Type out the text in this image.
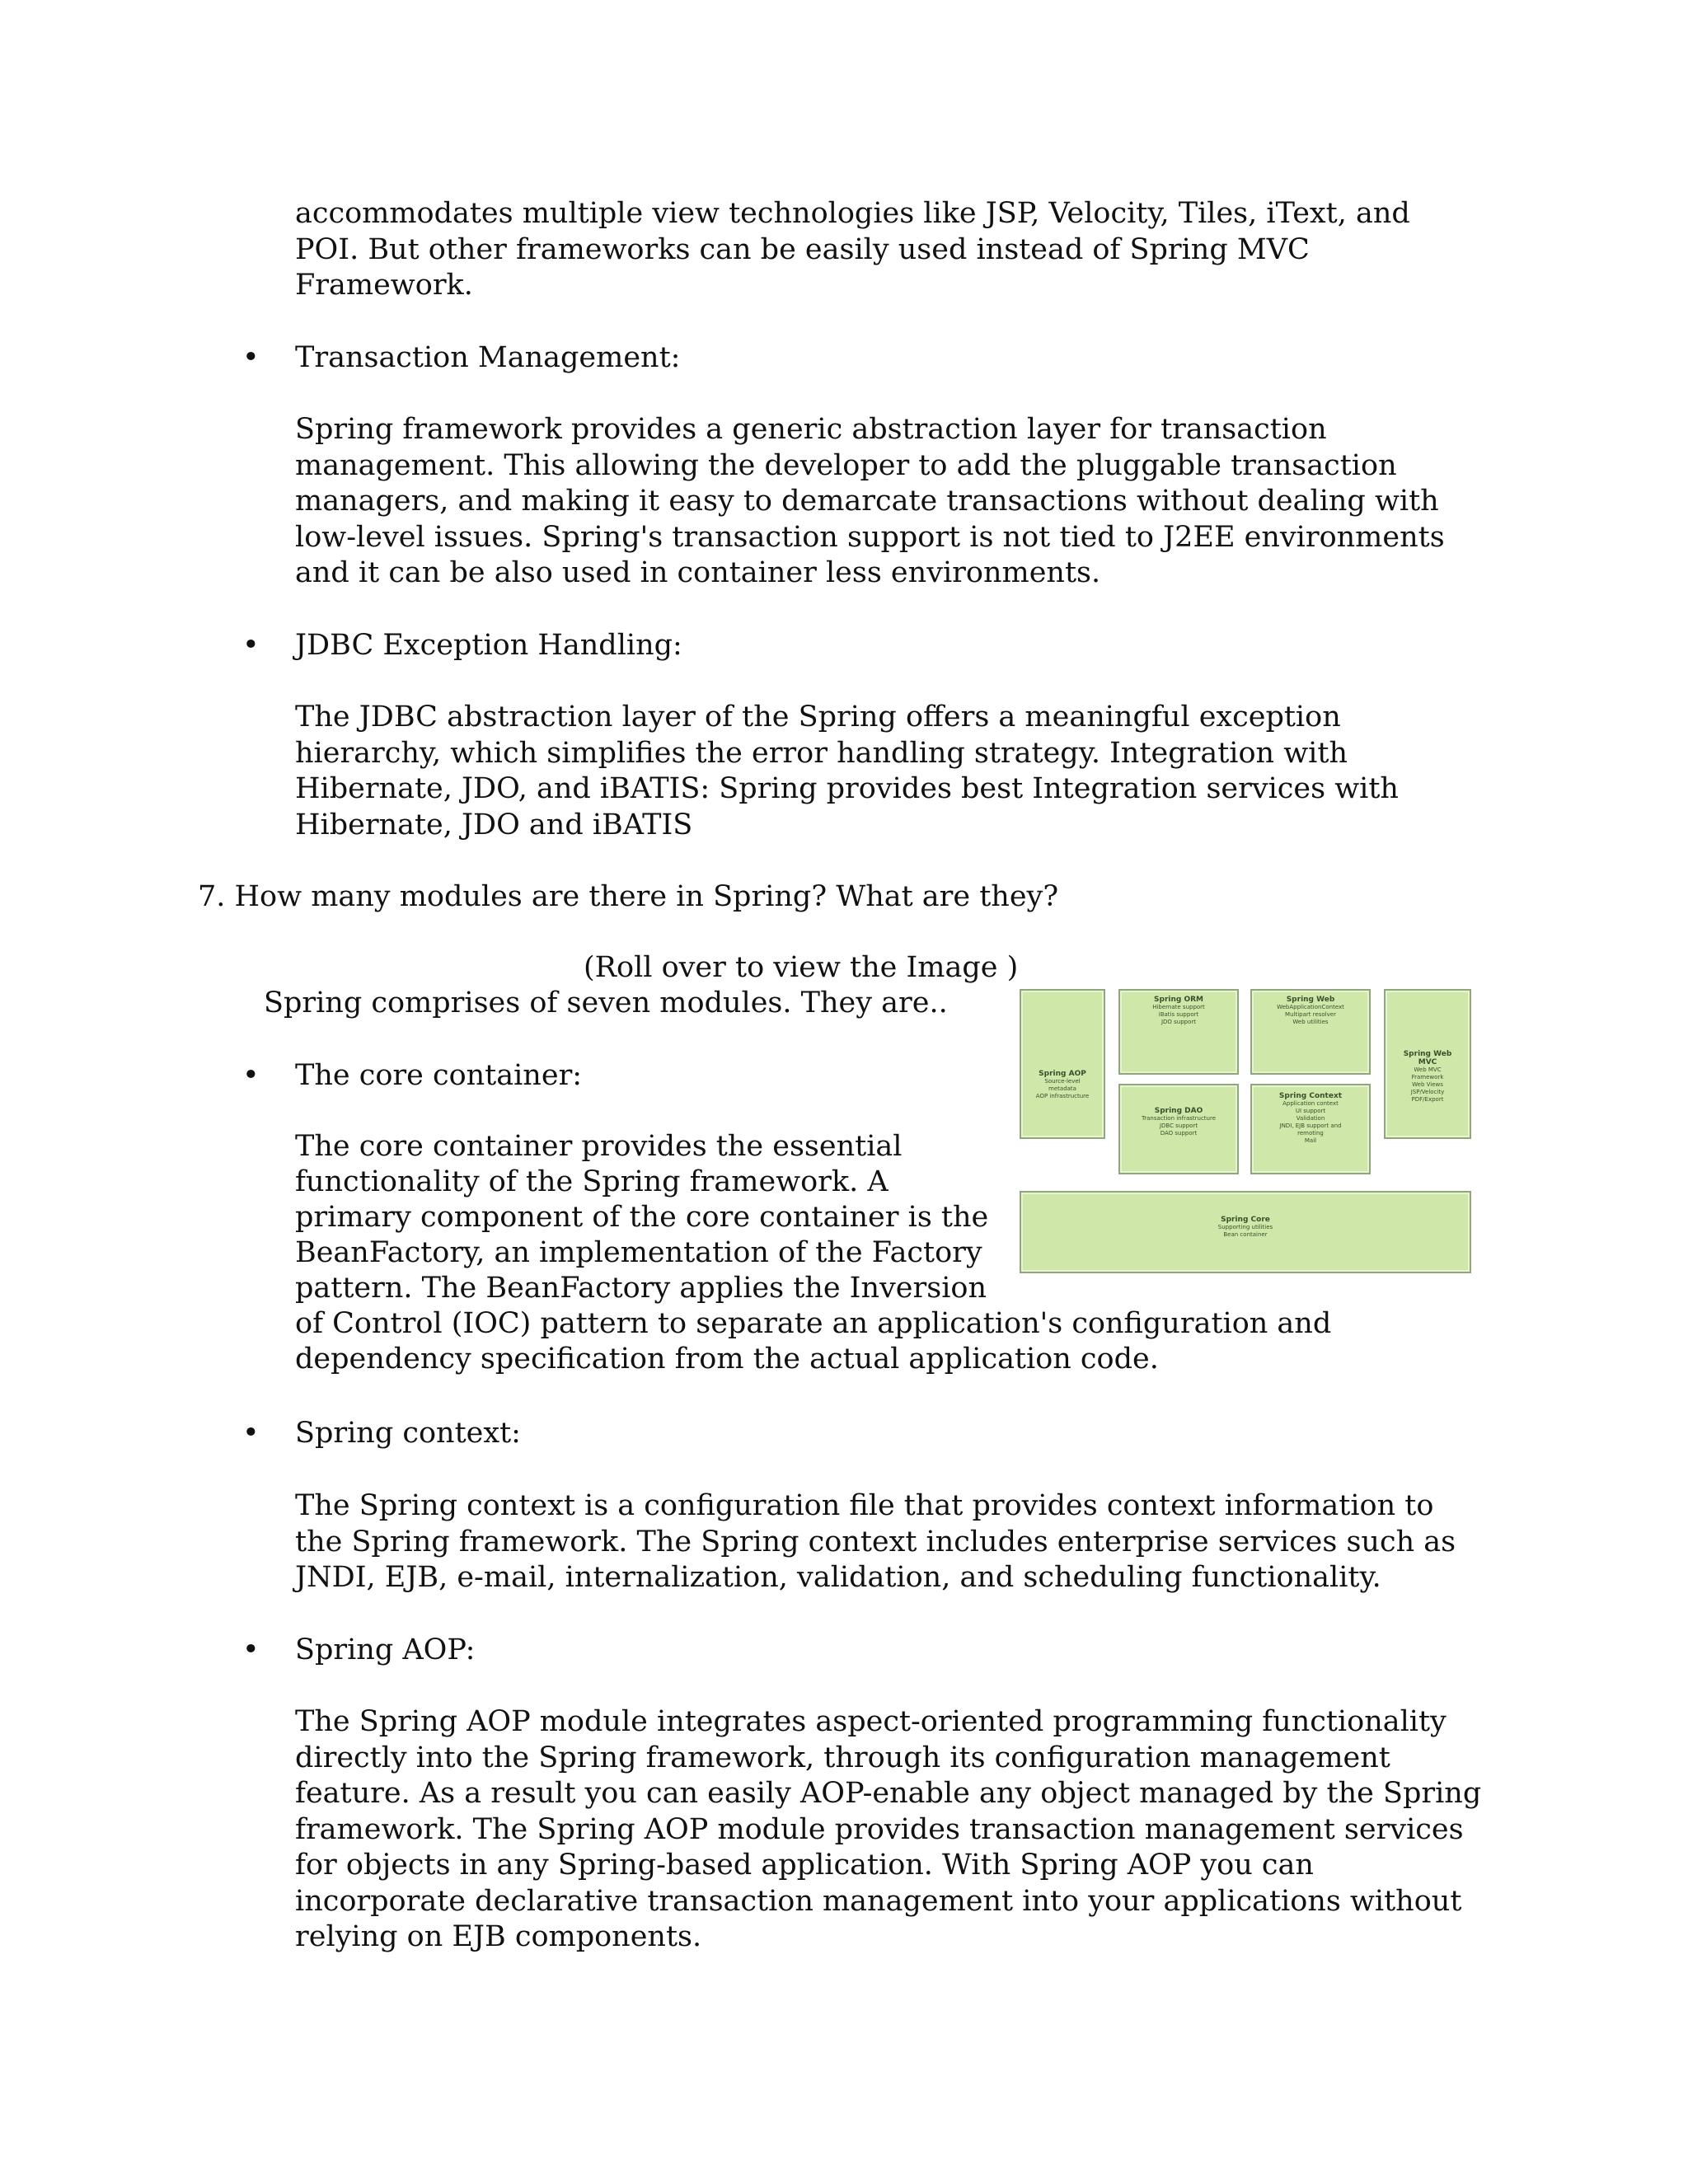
accommodates multiple view technologies like JSP, Velocity, Tiles, iText, and POI. But other frameworks can be easily used instead of Spring MVC Framework.

• Transaction Management:

Spring framework provides a generic abstraction layer for transaction management. This allowing the developer to add the pluggable transaction managers, and making it easy to demarcate transactions without dealing with low-level issues. Spring's transaction support is not tied to J2EE environments and it can be also used in container less environments.

• JDBC Exception Handling:

The JDBC abstraction layer of the Spring offers a meaningful exception hierarchy, which simplifies the error handling strategy. Integration with Hibernate, JDO, and iBATIS: Spring provides best Integration services with Hibernate, JDO and iBATIS

7. How many modules are there in Spring? What are they?
(Roll over to view the Image )
Spring comprises of seven modules. They are..
• The core container:
The core container provides the essential
functionality of the Spring framework. A
primary component of the core container is the
BeanFactory, an implementation of the Factory
pattern. The BeanFactory applies the Inversion
of Control (IOC) pattern to separate an application's configuration and
dependency specification from the actual application code.
• Spring context:

The Spring context is a configuration file that provides context information to the Spring framework. The Spring context includes enterprise services such as JNDI, EJB, e-mail, internalization, validation, and scheduling functionality.

• Spring AOP:

The Spring AOP module integrates aspect-oriented programming functionality directly into the Spring framework, through its configuration management feature. As a result you can easily AOP-enable any object managed by the Spring framework. The Spring AOP module provides transaction management services for objects in any Spring-based application. With Spring AOP you can incorporate declarative transaction management into your applications without relying on EJB components.

Spring AOP
Source-level
metadata
AOP infrastructure
Spring ORM
Hibernate support
iBatis support
JDO support
Spring Web
WebApplicationContext
Multipart resolver
Web utilities
Spring Web MVC
Web MVC
Framework
Web Views
JSP/Velocity
PDF/Export
Spring DAO
Transaction infrastructure
JDBC support
DAO support
Spring Context
Application context
UI support
Validation
JNDI, EJB support and
remoting
Mail
Spring Core
Supporting utilities
Bean container
